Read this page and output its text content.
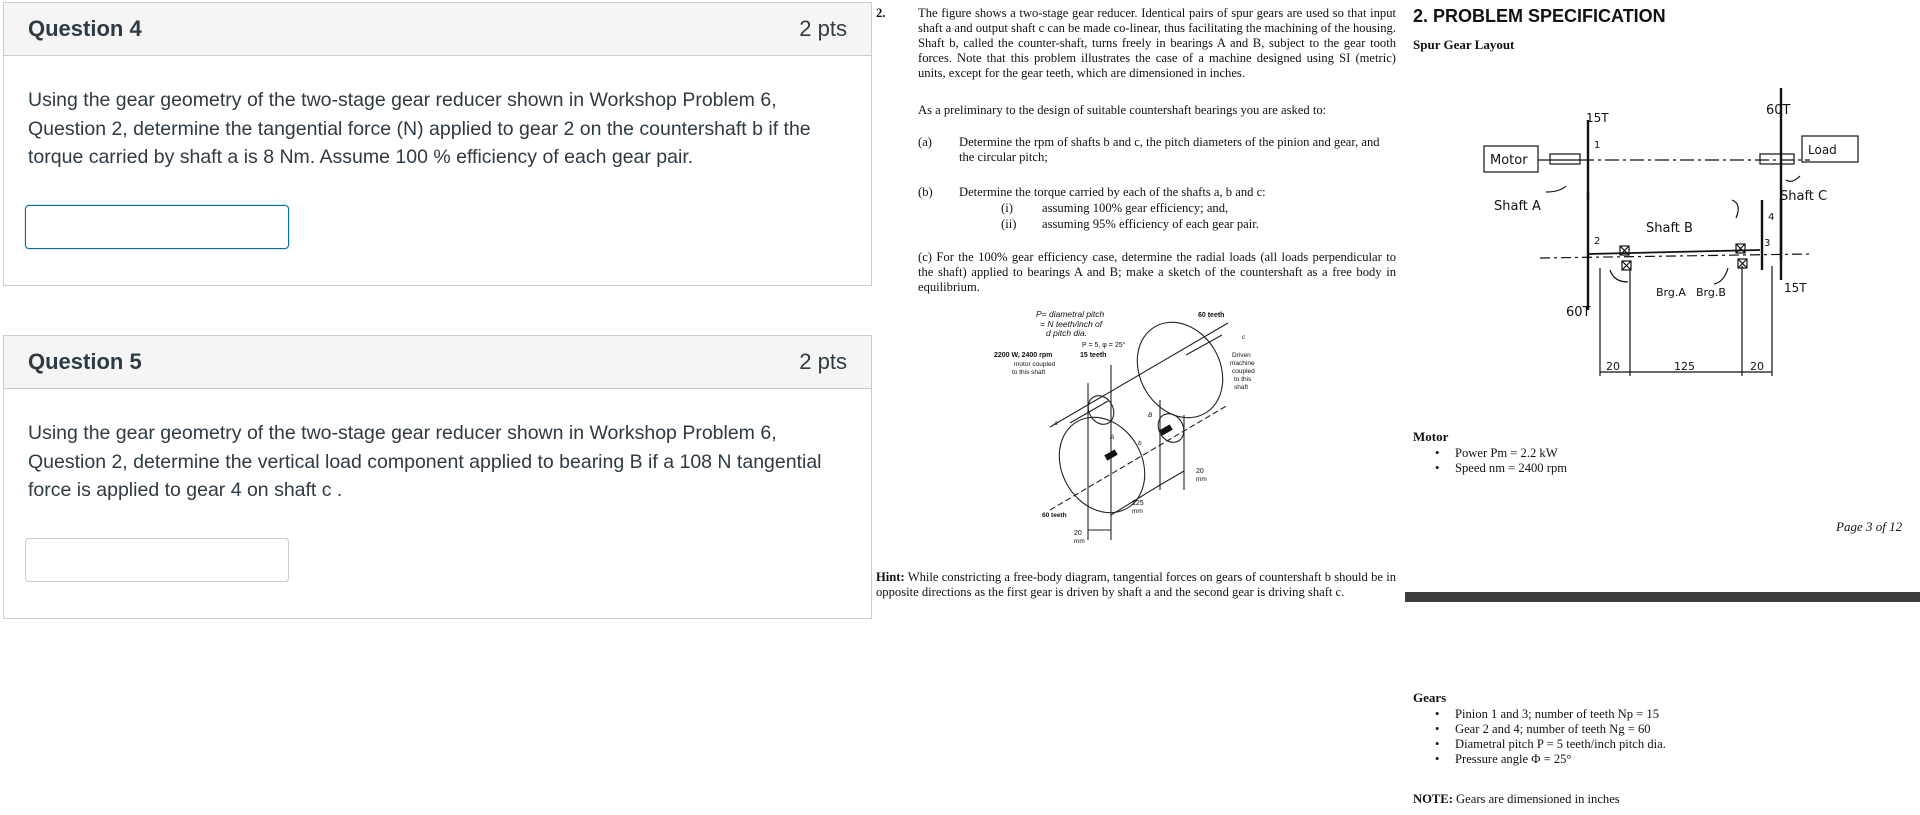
Question 4	2 pts
Using the gear geometry of the two-stage gear reducer shown in Workshop Problem 6, Question 2, determine the tangential force (N) applied to gear 2 on the countershaft b if the torque carried by shaft a is 8 Nm. Assume 100 % efficiency of each gear pair.
Question 5	2 pts
Using the gear geometry of the two-stage gear reducer shown in Workshop Problem 6, Question 2, determine the vertical load component applied to bearing B if a 108 N tangential force is applied to gear 4 on shaft c .
2.	The figure shows a two-stage gear reducer. Identical pairs of spur gears are used so that input shaft a and output shaft c can be made co-linear, thus facilitating the machining of the housing. Shaft b, called the counter-shaft, turns freely in bearings A and B, subject to the gear tooth forces. Note that this problem illustrates the case of a machine designed using SI (metric) units, except for the gear teeth, which are dimensioned in inches.
As a preliminary to the design of suitable countershaft bearings you are asked to:
(a) Determine the rpm of shafts b and c, the pitch diameters of the pinion and gear, and the circular pitch;
(b) Determine the torque carried by each of the shafts a, b and c:
(i) assuming 100% gear efficiency; and,
(ii) assuming 95% efficiency of each gear pair.
(c) For the 100% gear efficiency case, determine the radial loads (all loads perpendicular to the shaft) applied to bearings A and B; make a sketch of the countershaft as a free body in equilibrium.
Hint: While constricting a free-body diagram, tangential forces on gears of countershaft b should be in opposite directions as the first gear is driven by shaft a and the second gear is driving shaft c.
P= diametral pitch
= N teeth/inch of
d pitch dia.
P = 5, φ = 25°
15 teeth
60 teeth
2200 W, 2400 rpm
motor coupled
to this shaft
Driven
machine
coupled
to this
shaft
60 teeth
20
mm
125
mm
20
mm
a
b
c
A
B
2. PROBLEM SPECIFICATION
Spur Gear Layout
15T	60T
Motor
Load
Shaft A
Shaft B
Shaft C
1
2	3
4
60T
15T
Brg.A Brg.B
20	125	20
Motor
• Power Pm = 2.2 kW
• Speed nm = 2400 rpm
Page 3 of 12
Gears
• Pinion 1 and 3; number of teeth Np = 15
• Gear 2 and 4; number of teeth Ng = 60
• Diametral pitch P = 5 teeth/inch pitch dia.
• Pressure angle Φ = 25°
NOTE: Gears are dimensioned in inches
